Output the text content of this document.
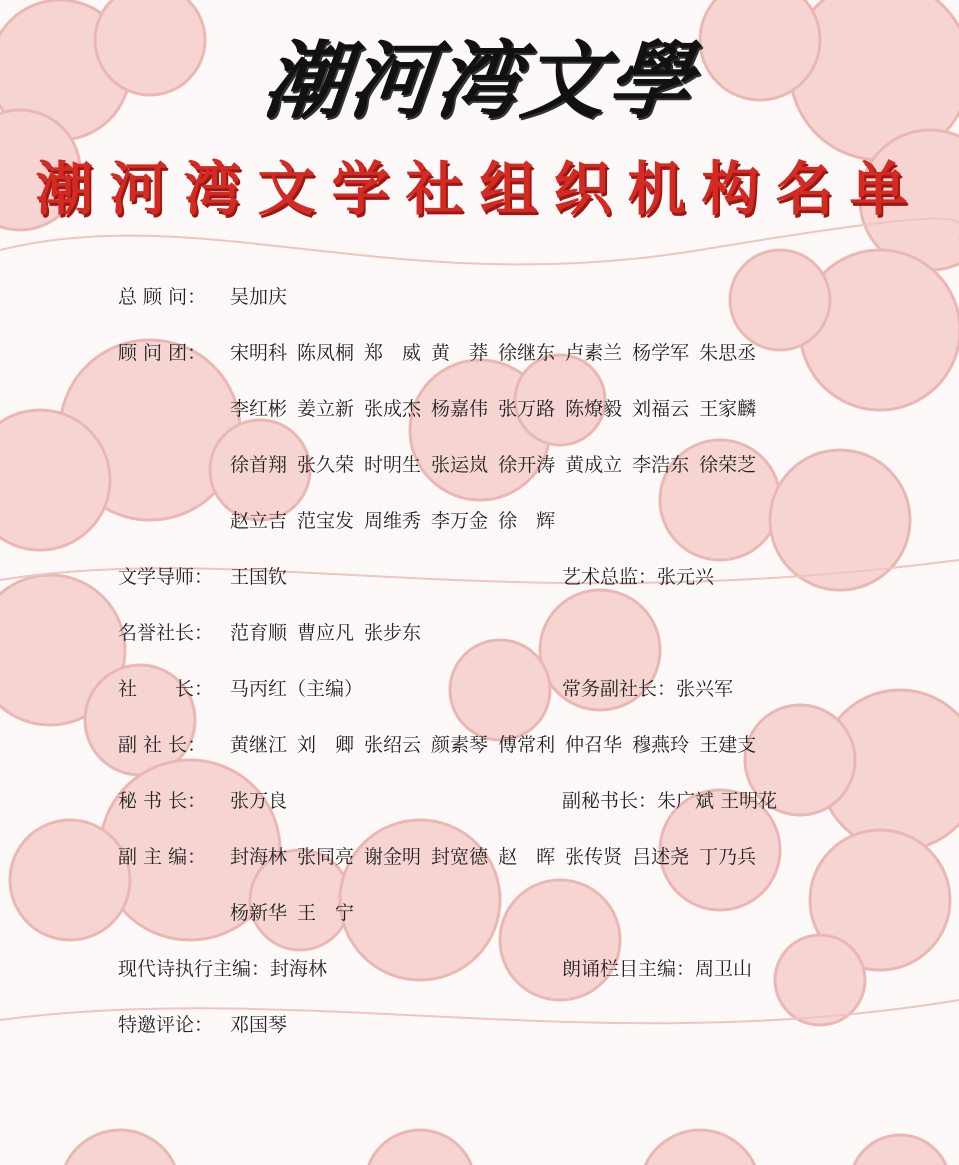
潮河湾文學
潮河湾文学社组织机构名单
总 顾 问： 吴加庆
顾 问 团： 宋明科 陈凤桐 郑　威 黄　莽 徐继东 卢素兰 杨学军 朱思丞
李红彬 姜立新 张成杰 杨嘉伟 张万路 陈燎毅 刘福云 王家麟
徐首翔 张久荣 时明生 张运岚 徐开涛 黄成立 李浩东 徐荣芝
赵立吉 范宝发 周维秀 李万金 徐　辉
文学导师： 王国钦	艺术总监：张元兴
名誉社长： 范育顺 曹应凡 张步东
社　　长： 马丙红（主编）	常务副社长：张兴军
副 社 长： 黄继江 刘　卿 张绍云 颜素琴 傅常利 仲召华 穆燕玲 王建支
秘 书 长： 张万良	副秘书长：朱广斌 王明花
副 主 编： 封海林 张同亮 谢金明 封宽德 赵　晖 张传贤 吕述尧 丁乃兵
杨新华 王　宁
现代诗执行主编：封海林	朗诵栏目主编：周卫山
特邀评论： 邓国琴
